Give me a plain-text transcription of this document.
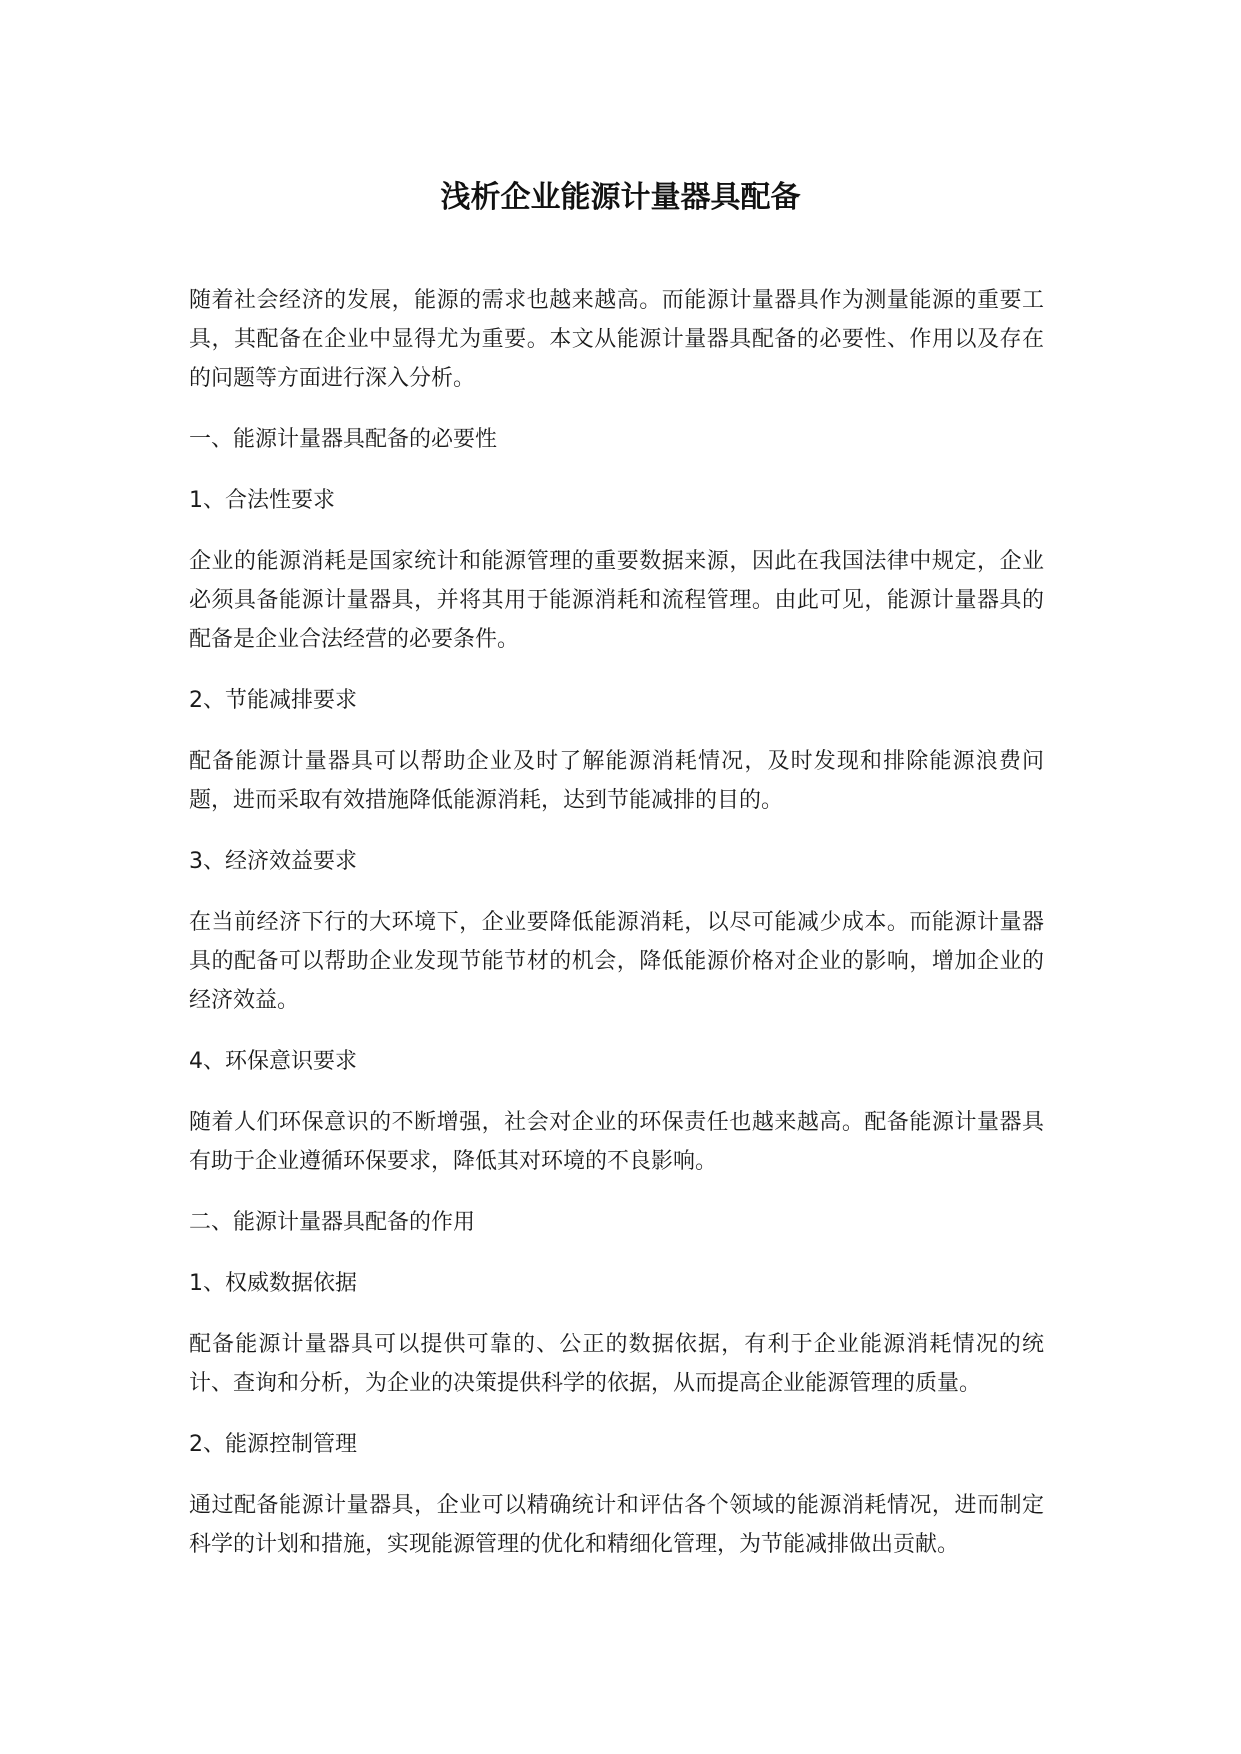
浅析企业能源计量器具配备

随着社会经济的发展，能源的需求也越来越高。而能源计量器具作为测量能源的重要工具，其配备在企业中显得尤为重要。本文从能源计量器具配备的必要性、作用以及存在的问题等方面进行深入分析。

一、能源计量器具配备的必要性

1、合法性要求

企业的能源消耗是国家统计和能源管理的重要数据来源，因此在我国法律中规定，企业必须具备能源计量器具，并将其用于能源消耗和流程管理。由此可见，能源计量器具的配备是企业合法经营的必要条件。

2、节能减排要求

配备能源计量器具可以帮助企业及时了解能源消耗情况，及时发现和排除能源浪费问题，进而采取有效措施降低能源消耗，达到节能减排的目的。

3、经济效益要求

在当前经济下行的大环境下，企业要降低能源消耗，以尽可能减少成本。而能源计量器具的配备可以帮助企业发现节能节材的机会，降低能源价格对企业的影响，增加企业的经济效益。

4、环保意识要求

随着人们环保意识的不断增强，社会对企业的环保责任也越来越高。配备能源计量器具有助于企业遵循环保要求，降低其对环境的不良影响。

二、能源计量器具配备的作用

1、权威数据依据

配备能源计量器具可以提供可靠的、公正的数据依据，有利于企业能源消耗情况的统计、查询和分析，为企业的决策提供科学的依据，从而提高企业能源管理的质量。

2、能源控制管理

通过配备能源计量器具，企业可以精确统计和评估各个领域的能源消耗情况，进而制定科学的计划和措施，实现能源管理的优化和精细化管理，为节能减排做出贡献。
